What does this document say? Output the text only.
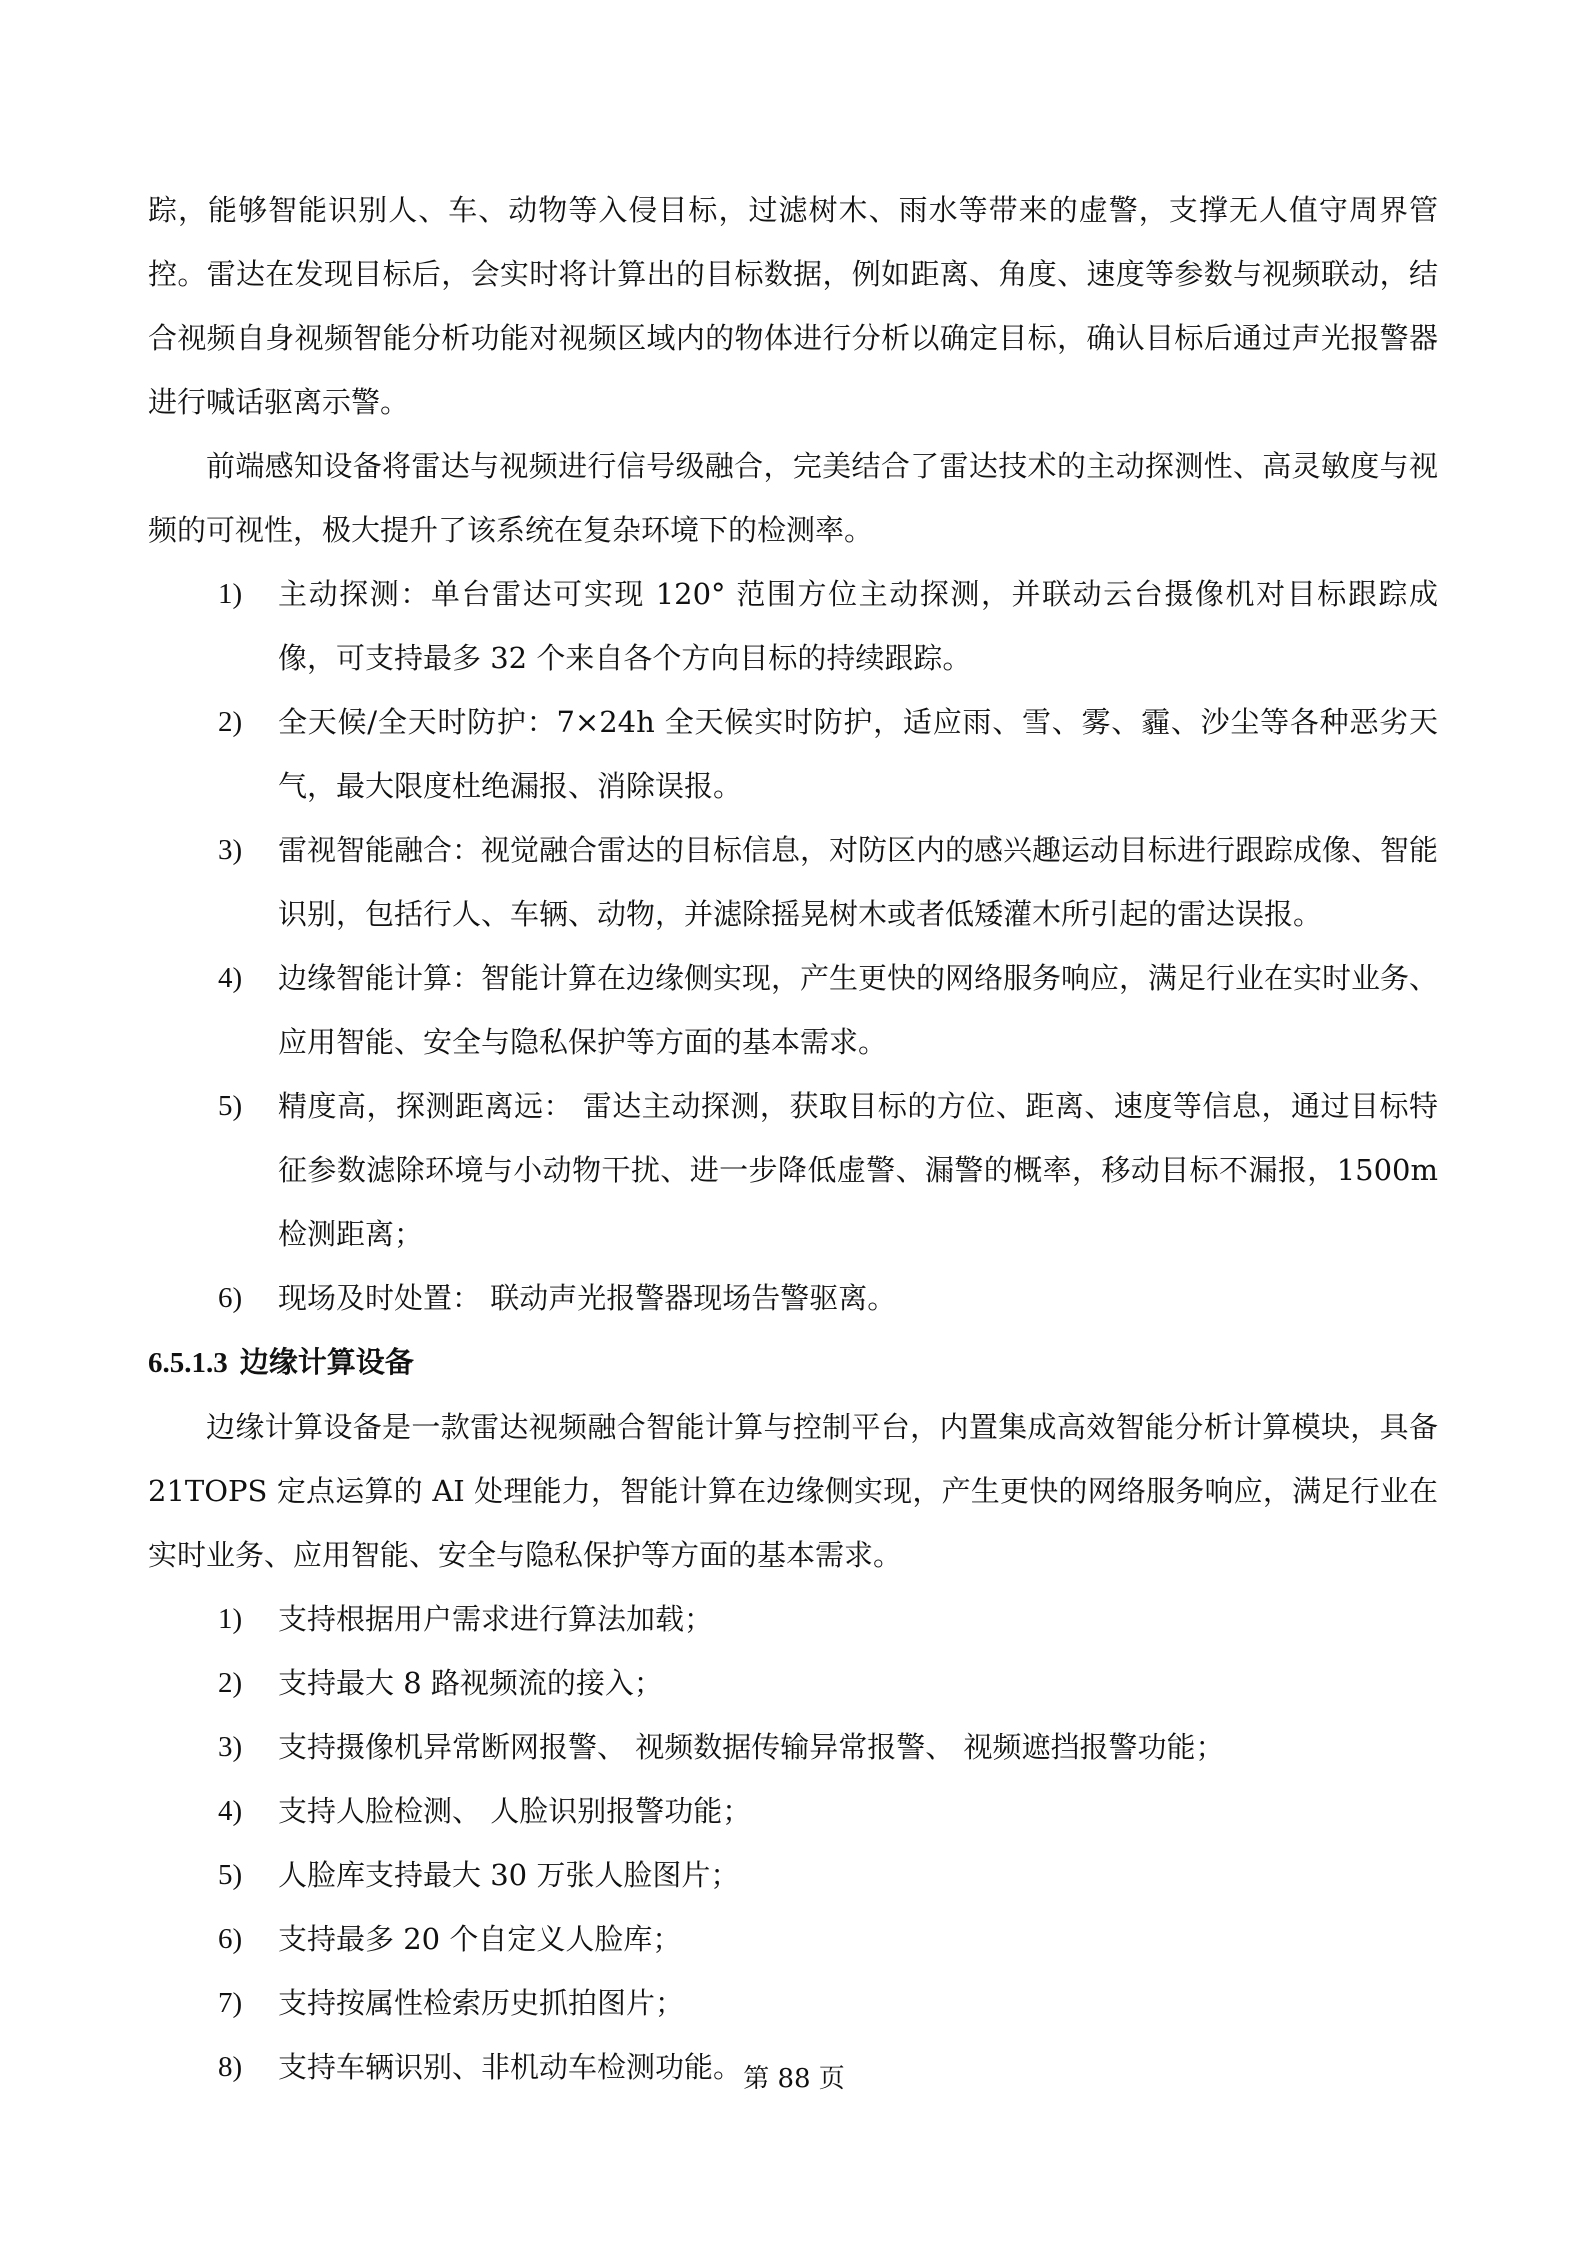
踪，能够智能识别人、车、动物等入侵目标，过滤树木、雨水等带来的虚警，支撑无人值守周界管控。雷达在发现目标后，会实时将计算出的目标数据，例如距离、角度、速度等参数与视频联动，结合视频自身视频智能分析功能对视频区域内的物体进行分析以确定目标，确认目标后通过声光报警器进行喊话驱离示警。

前端感知设备将雷达与视频进行信号级融合，完美结合了雷达技术的主动探测性、高灵敏度与视频的可视性，极大提升了该系统在复杂环境下的检测率。

1) 主动探测：单台雷达可实现 120° 范围方位主动探测，并联动云台摄像机对目标跟踪成像，可支持最多 32 个来自各个方向目标的持续跟踪。
2) 全天候/全天时防护：7×24h 全天候实时防护，适应雨、雪、雾、霾、沙尘等各种恶劣天气，最大限度杜绝漏报、消除误报。
3) 雷视智能融合：视觉融合雷达的目标信息，对防区内的感兴趣运动目标进行跟踪成像、智能识别，包括行人、车辆、动物，并滤除摇晃树木或者低矮灌木所引起的雷达误报。
4) 边缘智能计算：智能计算在边缘侧实现，产生更快的网络服务响应，满足行业在实时业务、应用智能、安全与隐私保护等方面的基本需求。
5) 精度高，探测距离远： 雷达主动探测，获取目标的方位、距离、速度等信息，通过目标特征参数滤除环境与小动物干扰、进一步降低虚警、漏警的概率，移动目标不漏报，1500m 检测距离；
6) 现场及时处置： 联动声光报警器现场告警驱离。
6.5.1.3 边缘计算设备

边缘计算设备是一款雷达视频融合智能计算与控制平台，内置集成高效智能分析计算模块，具备 21TOPS 定点运算的 AI 处理能力，智能计算在边缘侧实现，产生更快的网络服务响应，满足行业在实时业务、应用智能、安全与隐私保护等方面的基本需求。

1) 支持根据用户需求进行算法加载；
2) 支持最大 8 路视频流的接入；
3) 支持摄像机异常断网报警、 视频数据传输异常报警、 视频遮挡报警功能；
4) 支持人脸检测、 人脸识别报警功能；
5) 人脸库支持最大 30 万张人脸图片；
6) 支持最多 20 个自定义人脸库；
7) 支持按属性检索历史抓拍图片；
8) 支持车辆识别、非机动车检测功能。 第 88 页
